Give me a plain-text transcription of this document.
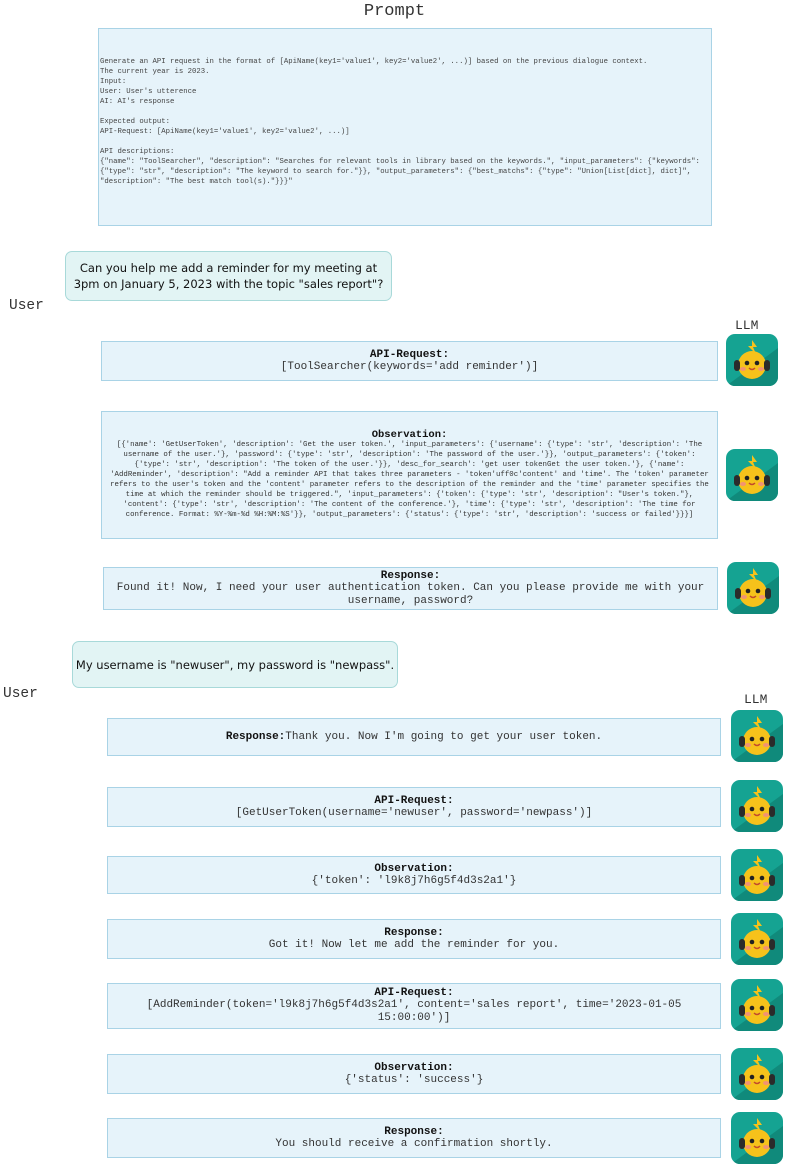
Prompt
Generate an API request in the format of [ApiName(key1='value1', key2='value2', ...)] based on the previous dialogue context.
The current year is 2023.
Input:
User: User's utterence
AI: AI's response

Expected output:
API-Request: [ApiName(key1='value1', key2='value2', ...)]

API descriptions:
{"name": "ToolSearcher", "description": "Searches for relevant tools in library based on the keywords.", "input_parameters": {"keywords": {"type": "str", "description": "The keyword to search for."}}, "output_parameters": {"best_matchs": {"type": "Union[List[dict], dict]", "description": "The best match tool(s)."}}}"
Can you help me add a reminder for my meeting at 3pm on January 5, 2023 with the topic "sales report"?
User
LLM
API-Request:
[ToolSearcher(keywords='add reminder')]
Observation:
[{'name': 'GetUserToken', 'description': 'Get the user token.', 'input_parameters': {'username': {'type': 'str', 'description': 'The username of the user.'}, 'password': {'type': 'str', 'description': 'The password of the user.'}}, 'output_parameters': {'token': {'type': 'str', 'description': 'The token of the user.'}}, 'desc_for_search': 'get user tokenGet the user token.'}, {'name': 'AddReminder', 'description': "Add a reminder API that takes three parameters - 'token'uff0c'content' and 'time'. The 'token' parameter refers to the user's token and the 'content' parameter refers to the description of the reminder and the 'time' parameter specifies the time at which the reminder should be triggered.", 'input_parameters': {'token': {'type': 'str', 'description': "User's token."}, 'content': {'type': 'str', 'description': 'The content of the conference.'}, 'time': {'type': 'str', 'description': 'The time for conference. Format: %Y-%m-%d %H:%M:%S'}}, 'output_parameters': {'status': {'type': 'str', 'description': 'success or failed'}}}]
Response:
Found it! Now, I need your user authentication token. Can you please provide me with your username, password?
My username is "newuser", my password is "newpass".
User	LLM
Response: Thank you. Now I'm going to get your user token.
API-Request:
[GetUserToken(username='newuser', password='newpass')]
Observation:
{'token': 'l9k8j7h6g5f4d3s2a1'}
Response:
Got it! Now let me add the reminder for you.
API-Request:
[AddReminder(token='l9k8j7h6g5f4d3s2a1', content='sales report', time='2023-01-05 15:00:00')]
Observation:
{'status': 'success'}
Response:
You should receive a confirmation shortly.
